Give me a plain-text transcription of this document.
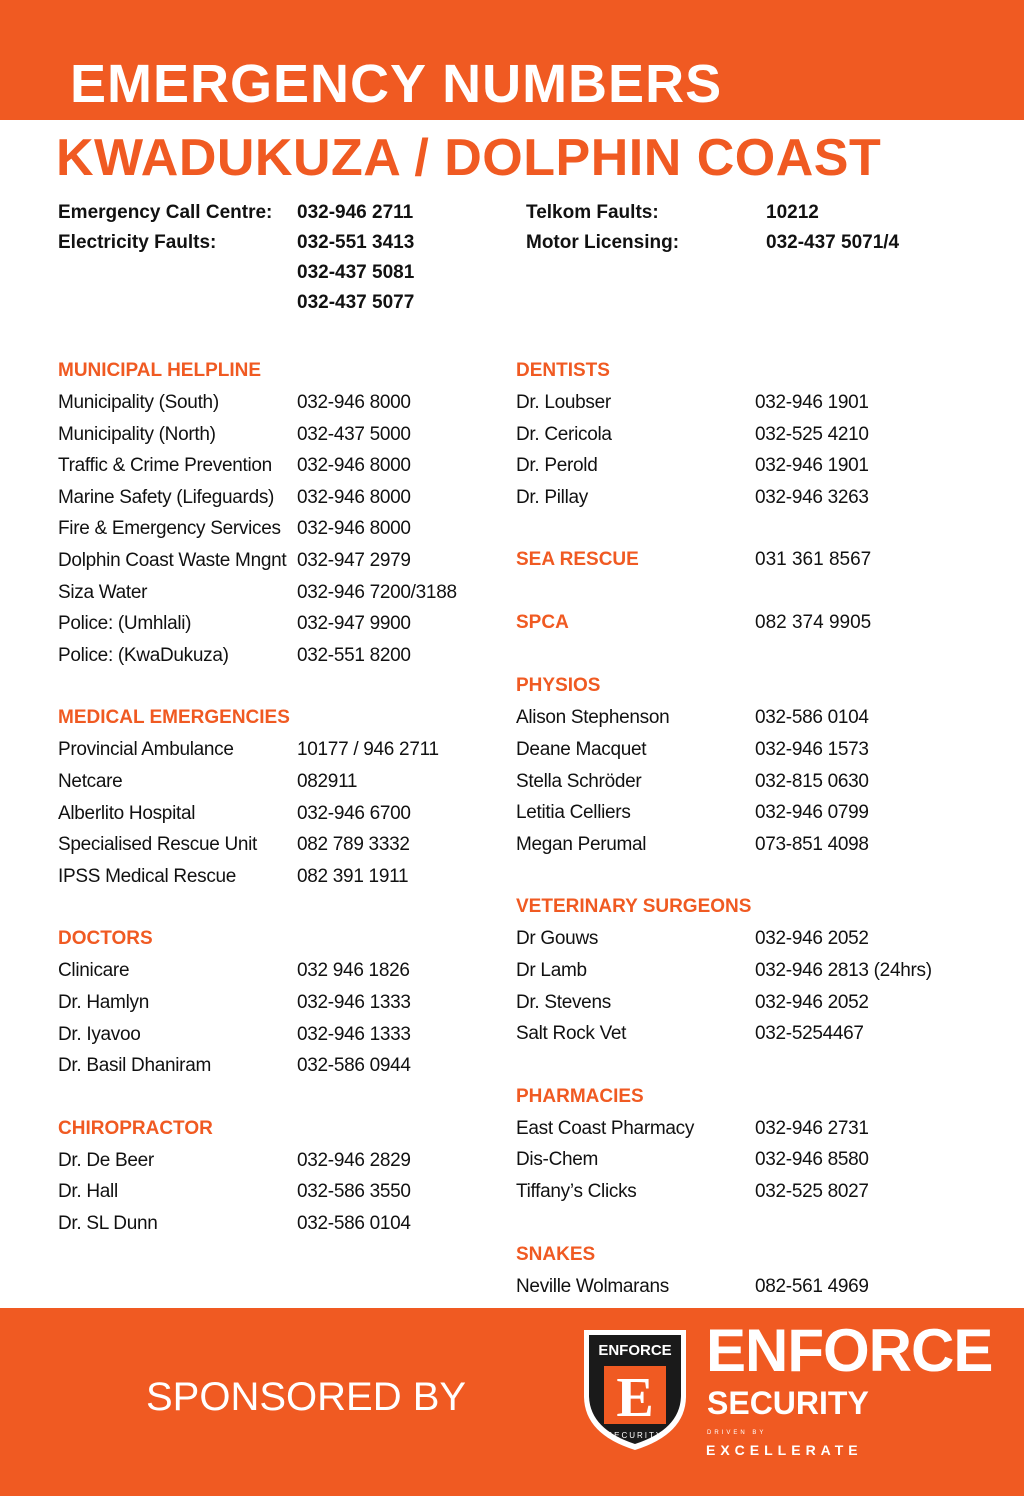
EMERGENCY NUMBERS
KWADUKUZA / DOLPHIN COAST
Emergency Call Centre: 032-946 2711
Electricity Faults:	032-551 3413
032-437 5081
032-437 5077
Telkom Faults:	10212
Motor Licensing:	032-437 5071/4
MUNICIPAL HELPLINE
Municipality (South)	032-946 8000
Municipality (North)	032-437 5000
Traffic & Crime Prevention 032-946 8000
Marine Safety (Lifeguards) 032-946 8000
Fire & Emergency Services 032-946 8000
Dolphin Coast Waste Mngnt 032-947 2979
Siza Water	032-946 7200/3188
Police: (Umhlali)	032-947 9900
Police: (KwaDukuza)	032-551 8200
MEDICAL EMERGENCIES
Provincial Ambulance	10177 / 946 2711
Netcare	082911
Alberlito Hospital	032-946 6700
Specialised Rescue Unit 082 789 3332
IPSS Medical Rescue	082 391 1911
DOCTORS
Clinicare	032 946 1826
Dr. Hamlyn	032-946 1333
Dr. Iyavoo	032-946 1333
Dr. Basil Dhaniram	032-586 0944
CHIROPRACTOR
Dr. De Beer	032-946 2829
Dr. Hall	032-586 3550
Dr. SL Dunn	032-586 0104
DENTISTS
Dr. Loubser	032-946 1901
Dr. Cericola	032-525 4210
Dr. Perold	032-946 1901
Dr. Pillay	032-946 3263
SEA RESCUE	031 361 8567
SPCA	082 374 9905
PHYSIOS
Alison Stephenson	032-586 0104
Deane Macquet	032-946 1573
Stella Schröder	032-815 0630
Letitia Celliers	032-946 0799
Megan Perumal	073-851 4098
VETERINARY SURGEONS
Dr Gouws	032-946 2052
Dr Lamb	032-946 2813 (24hrs)
Dr. Stevens	032-946 2052
Salt Rock Vet	032-5254467
PHARMACIES
East Coast Pharmacy	032-946 2731
Dis-Chem	032-946 8580
Tiffany’s Clicks	032-525 8027
SNAKES
Neville Wolmarans	082-561 4969
SPONSORED BY
ENFORCE
E
SECURITY
ENFORCE
SECURITY
DRIVEN BY
EXCELLERATE
